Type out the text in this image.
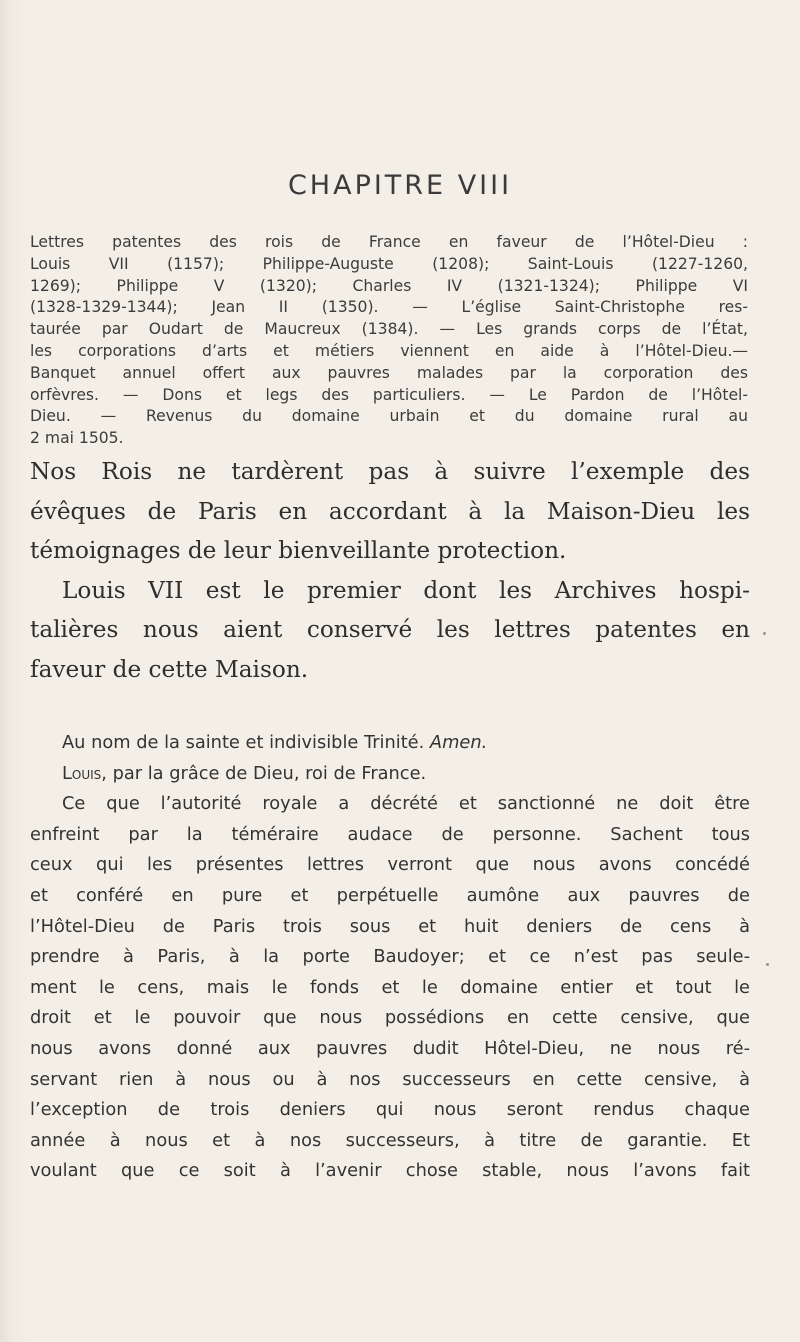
CHAPITRE VIII
Lettres patentes des rois de France en faveur de l’Hôtel-Dieu :
Louis VII (1157); Philippe-Auguste (1208); Saint-Louis (1227-1260,
1269); Philippe V (1320); Charles IV (1321-1324); Philippe VI
(1328-1329-1344); Jean II (1350). — L’église Saint-Christophe res-
taurée par Oudart de Maucreux (1384). — Les grands corps de l’État,
les corporations d’arts et métiers viennent en aide à l’Hôtel-Dieu.—
Banquet annuel offert aux pauvres malades par la corporation des
orfèvres. — Dons et legs des particuliers. — Le Pardon de l’Hôtel-
Dieu. — Revenus du domaine urbain et du domaine rural au
2 mai 1505.
Nos Rois ne tardèrent pas à suivre l’exemple des
évêques de Paris en accordant à la Maison-Dieu les
témoignages de leur bienveillante protection.
Louis VII est le premier dont les Archives hospi-
talières nous aient conservé les lettres patentes en
faveur de cette Maison.
Au nom de la sainte et indivisible Trinité. Amen.
Louis, par la grâce de Dieu, roi de France.
Ce que l’autorité royale a décrété et sanctionné ne doit être
enfreint par la téméraire audace de personne. Sachent tous
ceux qui les présentes lettres verront que nous avons concédé
et conféré en pure et perpétuelle aumône aux pauvres de
l’Hôtel-Dieu de Paris trois sous et huit deniers de cens à
prendre à Paris, à la porte Baudoyer; et ce n’est pas seule-
ment le cens, mais le fonds et le domaine entier et tout le
droit et le pouvoir que nous possédions en cette censive, que
nous avons donné aux pauvres dudit Hôtel-Dieu, ne nous ré-
servant rien à nous ou à nos successeurs en cette censive, à
l’exception de trois deniers qui nous seront rendus chaque
année à nous et à nos successeurs, à titre de garantie. Et
voulant que ce soit à l’avenir chose stable, nous l’avons fait
